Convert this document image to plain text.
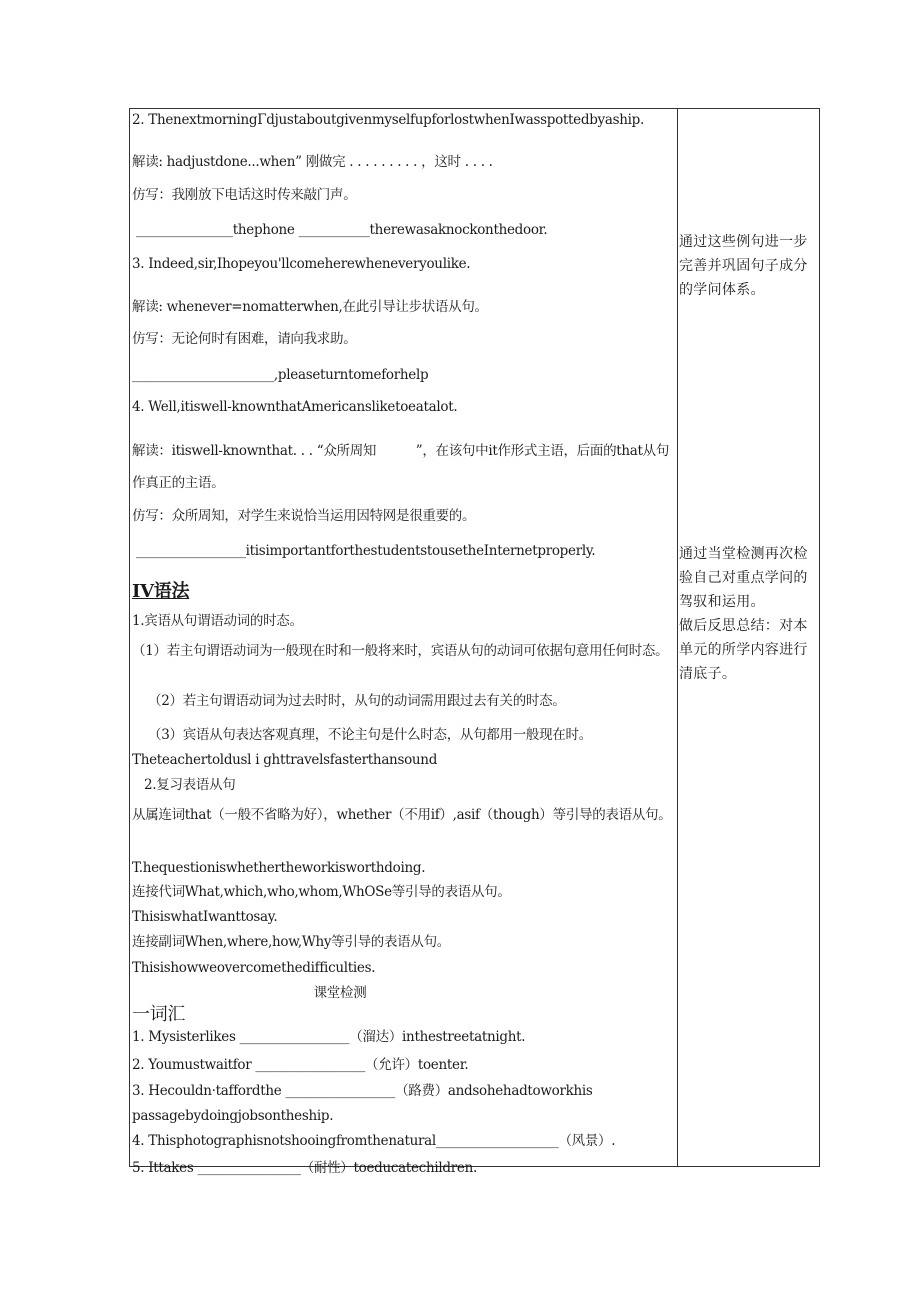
2. ThenextmorningΓdjustaboutgivenmyselfupforlostwhenIwasspottedbyaship.
解读: hadjustdone...when” 刚做完 . . . . . . . . . ，这时 . . . .
仿写：我刚放下电话这时传来敲门声。
_______________thephone ___________therewasaknockonthedoor.
3. Indeed,sir,Ihopeyou'llcomeherewheneveryoulike.
解读: whenever=nomatterwhen,在此引导让步状语从句。
仿写：无论何时有困难，请向我求助。
______________________,pleaseturntomeforhelp
4. Well,itiswell-knownthatAmericansliketoeatalot.
解读：itiswell-knownthat. . . “众所周知　　　”，在该句中it作形式主语，后面的that从句作真正的主语。
仿写：众所周知，对学生来说恰当运用因特网是很重要的。
_________________itisimportantforthestudentstousetheInternetproperly.
IV语法
1.宾语从句谓语动词的时态。
（1）若主句谓语动词为一般现在时和一般将来时，宾语从句的动词可依据句意用任何时态。
（2）若主句谓语动词为过去时时，从句的动词需用跟过去有关的时态。
（3）宾语从句表达客观真理，不论主句是什么时态，从句都用一般现在时。
Theteachertoldusl i ghttravelsfasterthansound
2.复习表语从句
从属连词that（一般不省略为好），whether（不用if）,asif（though）等引导的表语从句。
T.hequestioniswhethertheworkisworthdoing.
连接代词What,which,who,whom,WhOSe等引导的表语从句。
ThisiswhatIwanttosay.
连接副词When,where,how,Why等引导的表语从句。
Thisishowweovercomethedifficulties.
课堂检测
一词汇
1. Mysisterlikes _________________（溜达）inthestreetatnight.
2. Youmustwaitfor _________________（允许）toenter.
3. Hecouldn·taffordthe _________________（路费）andsohehadtoworkhis
passagebydoingjobsontheship.
4. Thisphotographisnotshooingfromthenatural___________________（风景）.
5. Ittakes ________________（耐性）toeducatechildren.
通过这些例句进一步完善并巩固句子成分的学问体系。
通过当堂检测再次检验自己对重点学问的驾驭和运用。
做后反思总结：对本单元的所学内容进行清底子。
